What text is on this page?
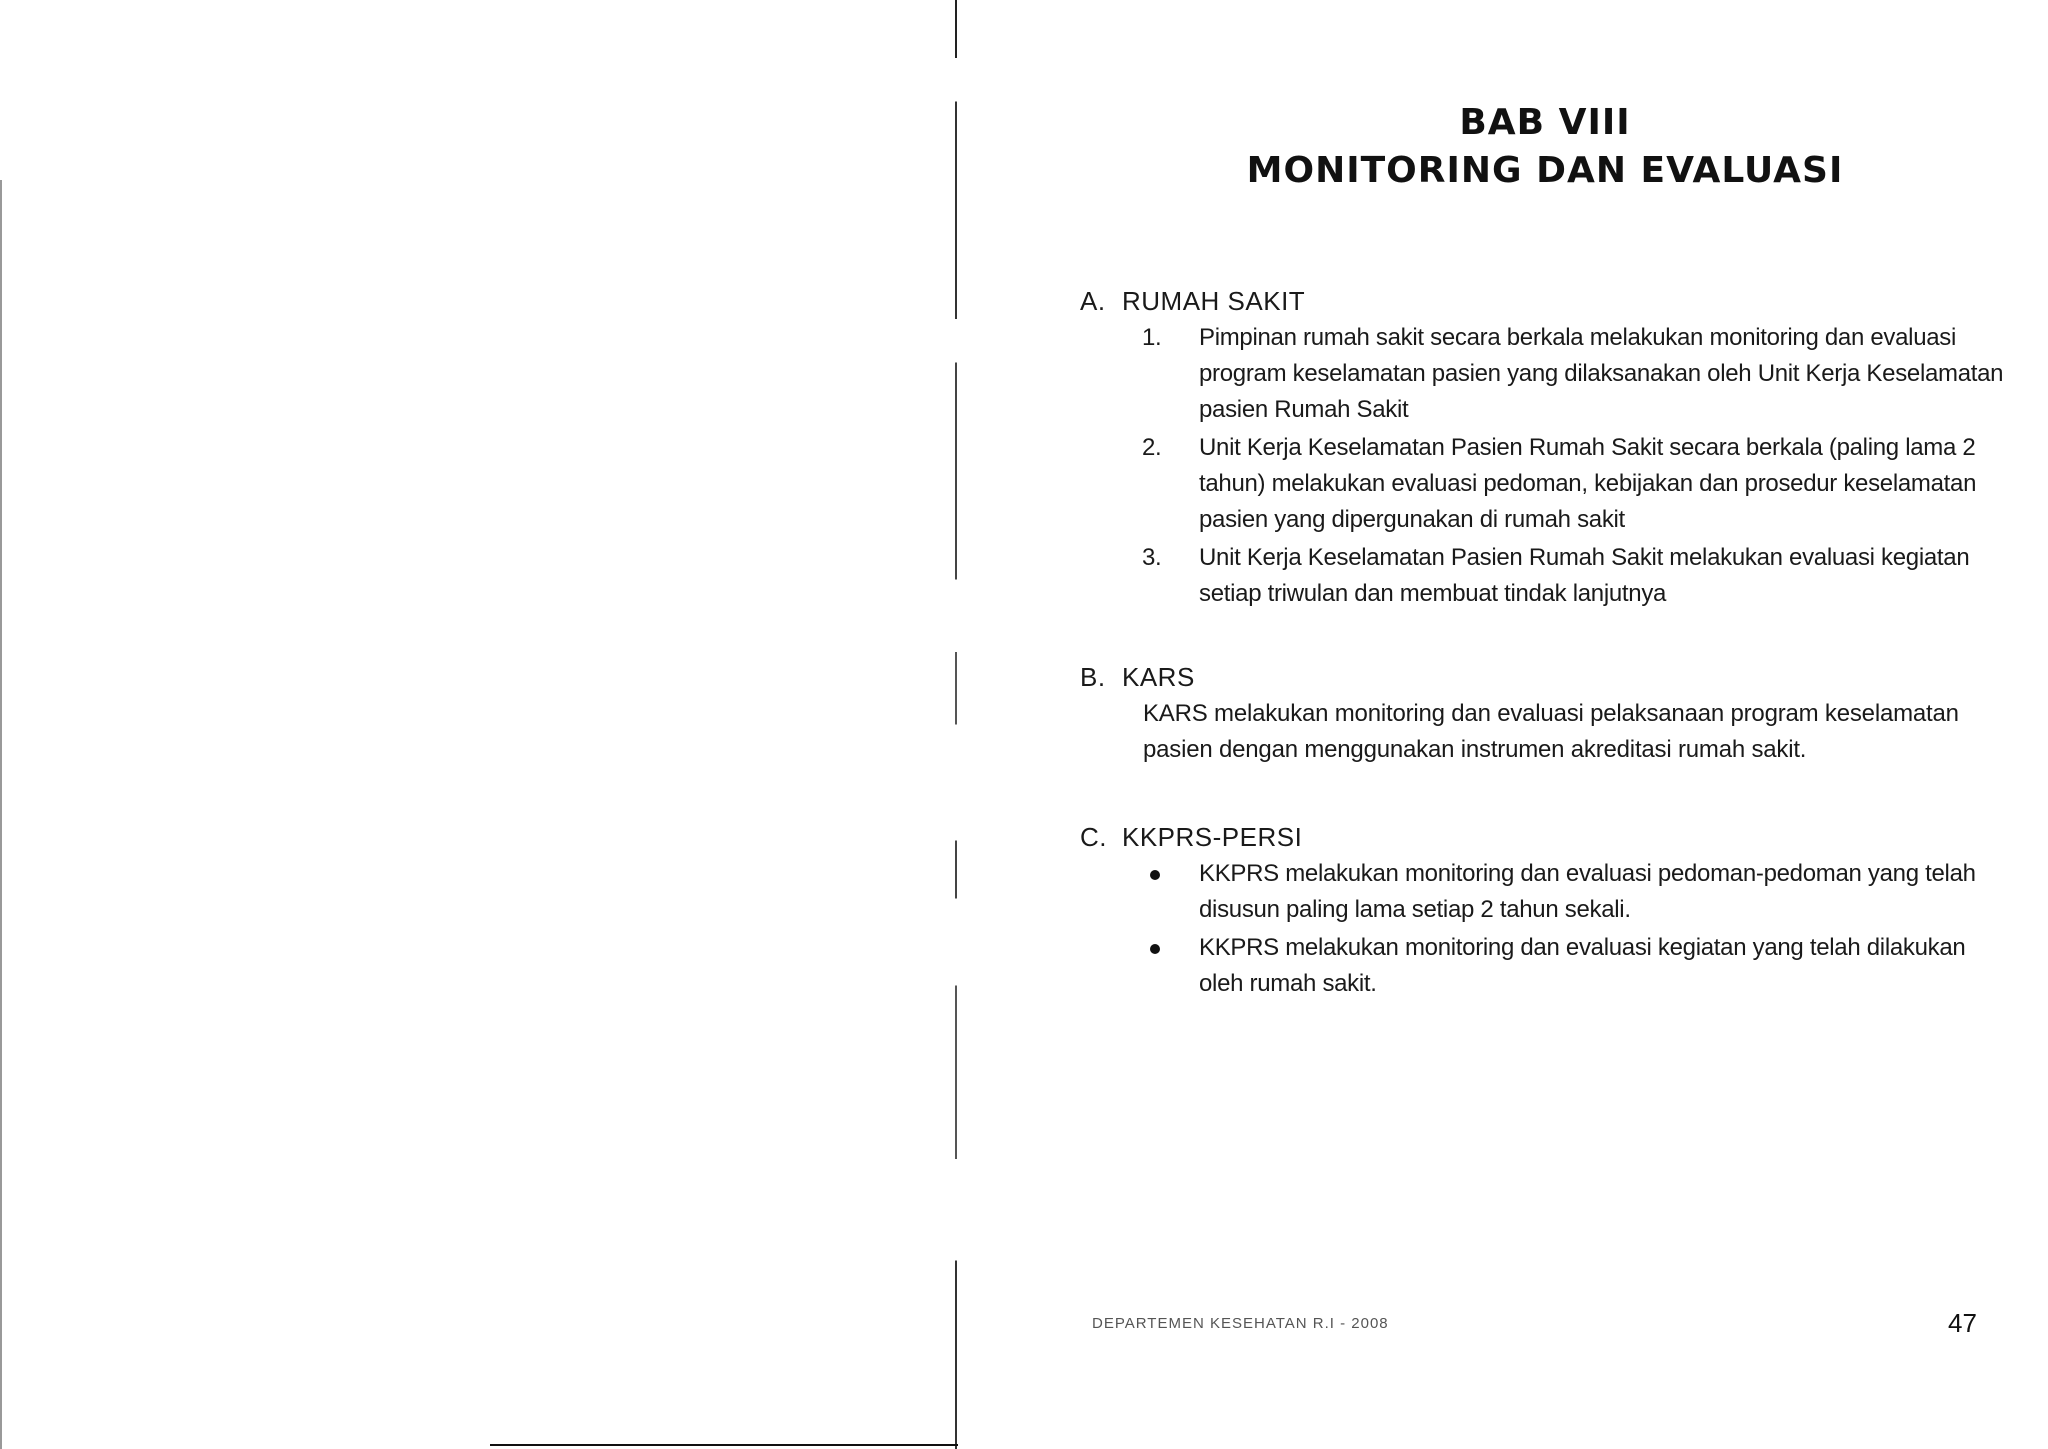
BAB VIII
MONITORING DAN EVALUASI
A. RUMAH SAKIT
1. Pimpinan rumah sakit secara berkala melakukan monitoring dan evaluasi program keselamatan pasien yang dilaksanakan oleh Unit Kerja Keselamatan pasien Rumah Sakit
2. Unit Kerja Keselamatan Pasien Rumah Sakit secara berkala (paling lama 2 tahun) melakukan evaluasi pedoman, kebijakan dan prosedur keselamatan pasien yang dipergunakan di rumah sakit
3. Unit Kerja Keselamatan Pasien Rumah Sakit melakukan evaluasi kegiatan setiap triwulan dan membuat tindak lanjutnya
B. KARS
KARS melakukan monitoring dan evaluasi pelaksanaan program keselamatan pasien dengan menggunakan instrumen akreditasi rumah sakit.
C. KKPRS-PERSI
KKPRS melakukan monitoring dan evaluasi pedoman-pedoman yang telah disusun paling lama setiap 2 tahun sekali.
KKPRS melakukan monitoring dan evaluasi kegiatan yang telah dilakukan oleh rumah sakit.
DEPARTEMEN KESEHATAN R.I - 2008	47
